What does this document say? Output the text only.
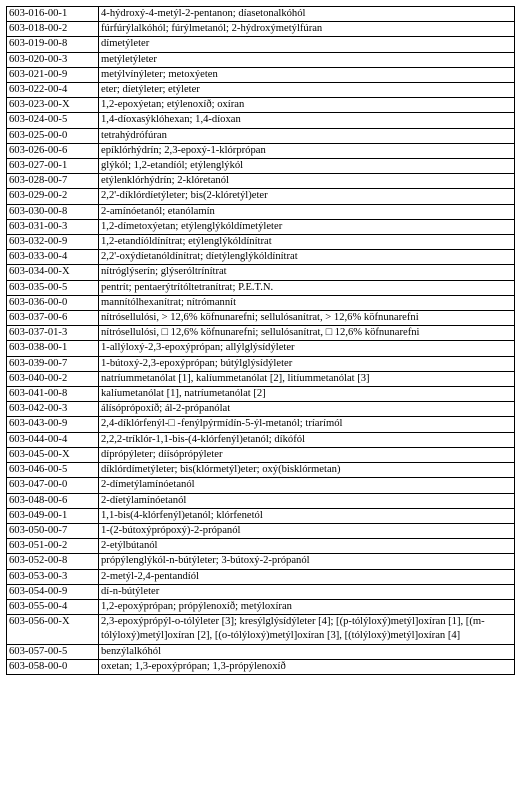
603-016-00-1	4-hýdroxý-4-metýl-2-pentanon; díasetonalkóhól
603-018-00-2	fúrfúrýlalkóhól; fúrýlmetanól; 2-hýdroxýmetýlfúran
603-019-00-8	dímetýleter
603-020-00-3	metýletýleter
603-021-00-9	metýlvínýleter; metoxýeten
603-022-00-4	eter; díetýleter; etýleter
603-023-00-X	1,2-epoxýetan; etýlenoxíð; oxíran
603-024-00-5	1,4-díoxasýklóhexan; 1,4-díoxan
603-025-00-0	tetrahýdrófúran
603-026-00-6	epíklórhýdrín; 2,3-epoxý-1-klórprópan
603-027-00-1	glýkól; 1,2-etandíól; etýlenglýkól
603-028-00-7	etýlenklórhýdrín; 2-klóretanól
603-029-00-2	2,2'-díklórdíetýleter; bis(2-klóretýl)eter
603-030-00-8	2-amínóetanól; etanólamín
603-031-00-3	1,2-dímetoxýetan; etýlenglýkóldímetýleter
603-032-00-9	1,2-etandíóldínítrat; etýlenglýkóldínítrat
603-033-00-4	2,2'-oxýdíetanóldínítrat; díetýlenglýkóldínítrat
603-034-00-X	nítróglýserín; glýseróltrínítrat
603-035-00-5	pentrít; pentaerýtrítóltetranítrat; P.E.T.N.
603-036-00-0	mannítólhexanítrat; nítrómannít
603-037-00-6	nítrósellulósi, > 12,6% köfnunarefni; sellulósanítrat, > 12,6% köfnunarefni
603-037-01-3	nítrósellulósi, □ 12,6% köfnunarefni; sellulósanítrat, □ 12,6% köfnunarefni
603-038-00-1	1-allýloxý-2,3-epoxýprópan; allýlglýsídýleter
603-039-00-7	1-bútoxý-2,3-epoxýprópan; bútýlglýsídýleter
603-040-00-2	natríummetanólat [1], kalíummetanólat [2], litíummetanólat [3]
603-041-00-8	kalíumetanólat [1], natríumetanólat [2]
603-042-00-3	álísóprópoxíð; ál-2-própanólat
603-043-00-9	2,4-díklórfenýl-□ -fenýlpýrmídín-5-ýl-metanól; tríarímól
603-044-00-4	2,2,2-tríklór-1,1-bis-(4-klórfenýl)etanól; díkófól
603-045-00-X	díprópýleter; díísóprópýleter
603-046-00-5	díklórdímetýleter; bis(klórmetýl)eter; oxý(bisklórmetan)
603-047-00-0	2-dímetýlamínóetanól
603-048-00-6	2-díetýlamínóetanól
603-049-00-1	1,1-bis(4-klórfenýl)etanól; klórfenetól
603-050-00-7	1-(2-bútoxýprópoxý)-2-própanól
603-051-00-2	2-etýlbútanól
603-052-00-8	própýlenglýkól-n-bútýleter; 3-bútoxý-2-própanól
603-053-00-3	2-metýl-2,4-pentandíól
603-054-00-9	dí-n-bútýleter
603-055-00-4	1,2-epoxýprópan; própýlenoxíð; metýloxíran
603-056-00-X	2,3-epoxýprópýl-o-tólýleter [3]; kresýlglýsídýleter [4]; [(p-tólýloxý)metýl]oxíran [1], [(m-tólýloxý)metýl]oxíran [2], [(o-tólýloxý)metýl]oxíran [3], [(tólýloxý)metýl]oxíran [4]
603-057-00-5	benzýlalkóhól
603-058-00-0	oxetan; 1,3-epoxýprópan; 1,3-própýlenoxíð
